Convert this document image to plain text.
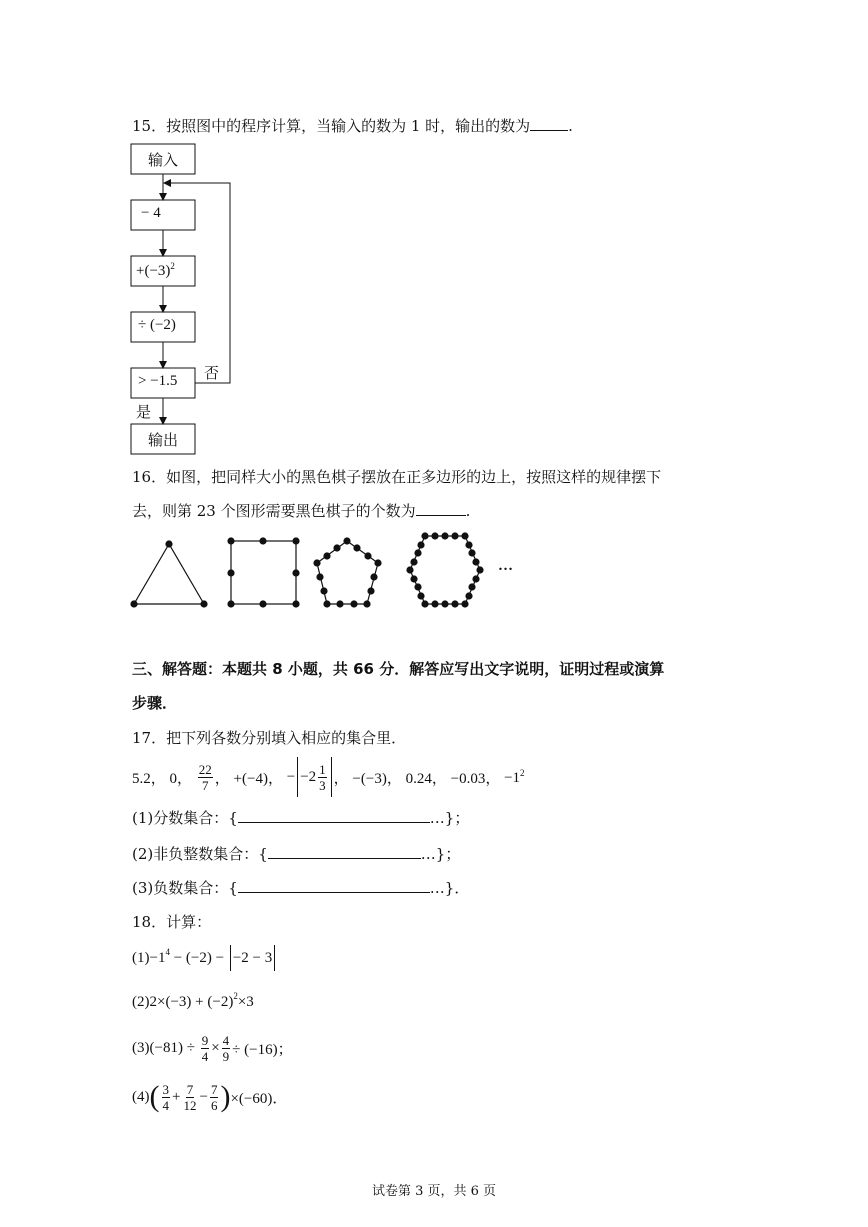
15．按照图中的程序计算，当输入的数为 1 时，输出的数为	.
输入
− 4
$+(-3)^2$
÷ (−2)
> −1.5 否
是
输出
16．如图，把同样大小的黑色棋子摆放在正多边形的边上，按照这样的规律摆下
去，则第 23 个图形需要黑色棋子的个数为	.
…
三、解答题：本题共 8 小题，共 66 分．解答应写出文字说明，证明过程或演算
步骤．
17．把下列各数分别填入相应的集合里．
5.2，
0，
$\frac{22}{7}$ ，
+(−4)，
− $-2 \frac{1}{3}$ ，
−(−3)，
0.24，
−0.03，
$-1^2$
(1)分数集合：{	…}；
(2)非负整数集合：{	…}；
(3)负数集合：{	…}．
18．计算：
$(1) -1^4 - (-2) - -2 - 3$
(2) $2\times(-3) + (-2)^2 \times 3$
(3) $(-81) \div \frac{9}{4} \times \frac{4}{9} \div (-16)$；
(4) ( $\frac{3}{4} + \frac{7}{12} - \frac{7}{6}$ ) ×(−60)．
试卷第 3 页，共 6 页
